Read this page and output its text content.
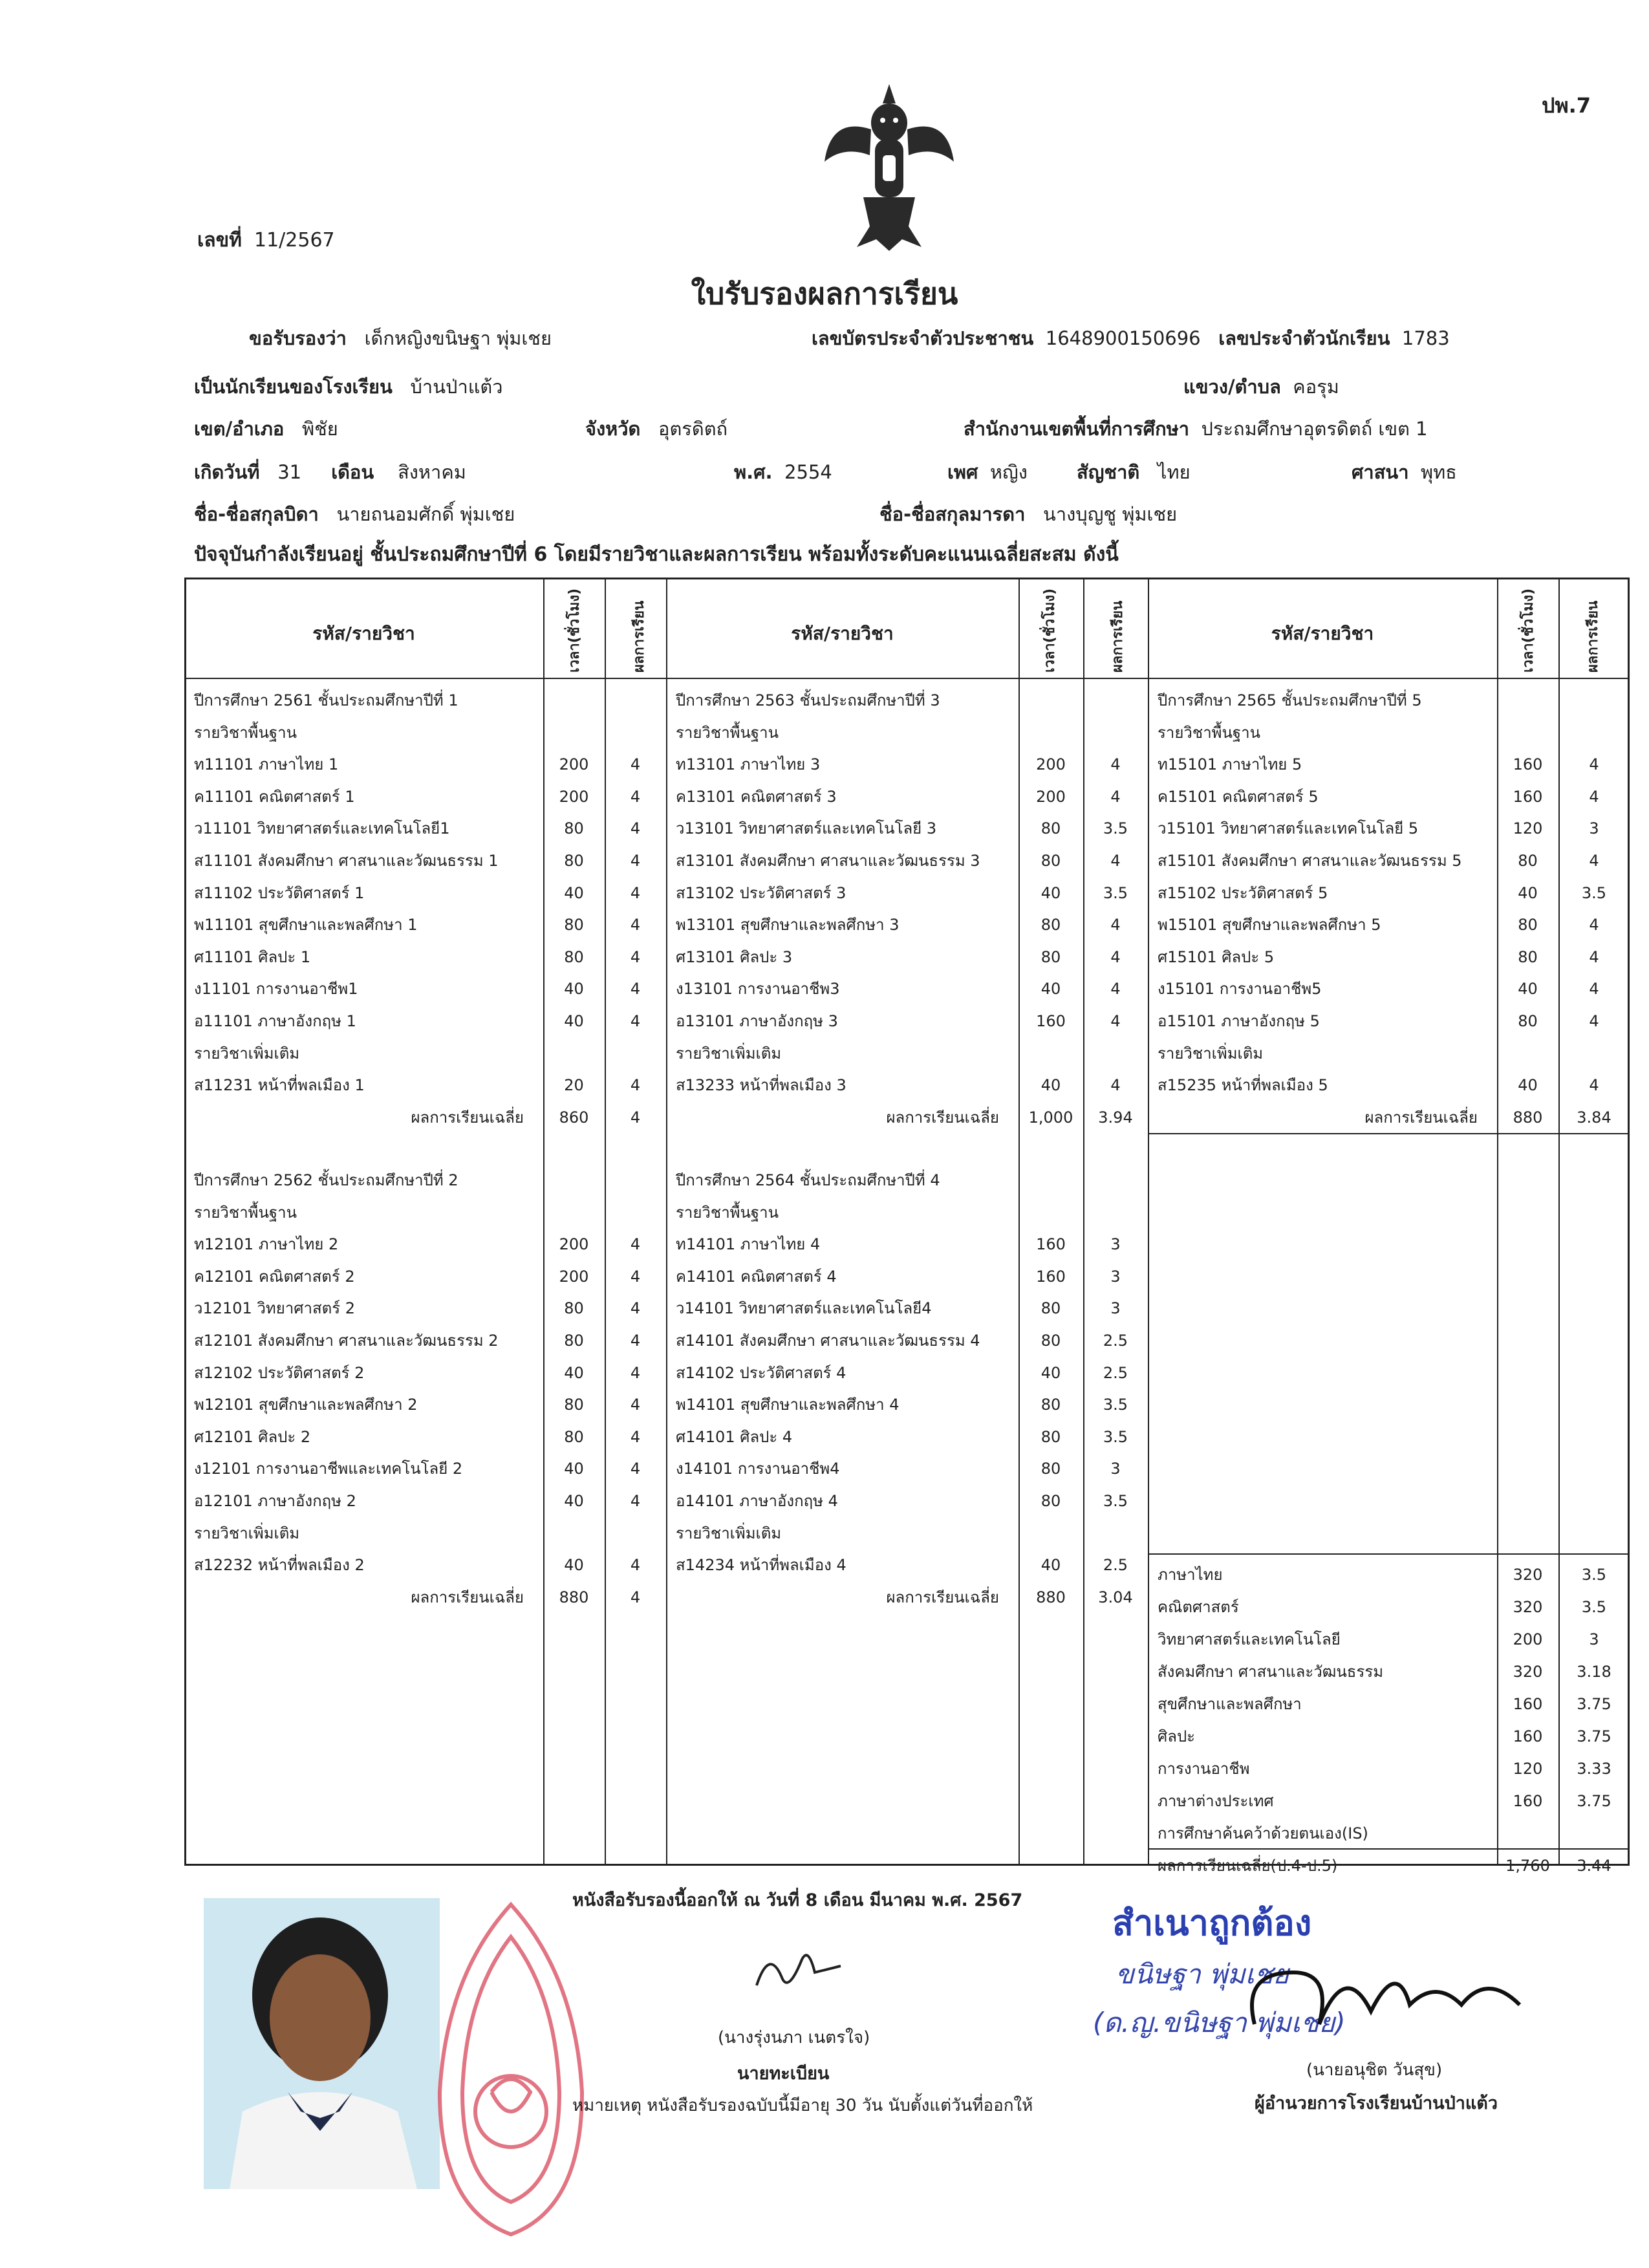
ปพ.7
เลขที่ 11/2567
ใบรับรองผลการเรียน
ขอรับรองว่า เด็กหญิงขนิษฐา พุ่มเชย	เลขบัตรประจำตัวประชาชน 1648900150696 เลขประจำตัวนักเรียน 1783
เป็นนักเรียนของโรงเรียน บ้านป่าแต้ว	แขวง/ตำบล คอรุม
เขต/อำเภอ พิชัย	จังหวัด อุตรดิตถ์	สำนักงานเขตพื้นที่การศึกษา ประถมศึกษาอุตรดิตถ์ เขต 1
เกิดวันที่ 31 เดือน สิงหาคม	พ.ศ. 2554	เพศ หญิง	สัญชาติ ไทย	ศาสนา พุทธ
ชื่อ-ชื่อสกุลบิดา นายถนอมศักดิ์ พุ่มเชย	ชื่อ-ชื่อสกุลมารดา นางบุญชู พุ่มเชย
ปัจจุบันกำลังเรียนอยู่ ชั้นประถมศึกษาปีที่ 6 โดยมีรายวิชาและผลการเรียน พร้อมทั้งระดับคะแนนเฉลี่ยสะสม ดังนี้
รหัส/รายวิชา	เวลา(ชั่วโมง)	ผลการเรียน	รหัส/รายวิชา	เวลา(ชั่วโมง)	ผลการเรียน	รหัส/รายวิชา	เวลา(ชั่วโมง)	ผลการเรียน
ปีการศึกษา 2561 ชั้นประถมศึกษาปีที่ 1
รายวิชาพื้นฐาน
ท11101 ภาษาไทย 1	200	4
ค11101 คณิตศาสตร์ 1	200	4
ว11101 วิทยาศาสตร์และเทคโนโลยี1	80	4
ส11101 สังคมศึกษา ศาสนาและวัฒนธรรม 1	80	4
ส11102 ประวัติศาสตร์ 1	40	4
พ11101 สุขศึกษาและพลศึกษา 1	80	4
ศ11101 ศิลปะ 1	80	4
ง11101 การงานอาชีพ1	40	4
อ11101 ภาษาอังกฤษ 1	40	4
รายวิชาเพิ่มเติม
ส11231 หน้าที่พลเมือง 1	20	4
ผลการเรียนเฉลี่ย	860	4
ปีการศึกษา 2562 ชั้นประถมศึกษาปีที่ 2
รายวิชาพื้นฐาน
ท12101 ภาษาไทย 2	200	4
ค12101 คณิตศาสตร์ 2	200	4
ว12101 วิทยาศาสตร์ 2	80	4
ส12101 สังคมศึกษา ศาสนาและวัฒนธรรม 2	80	4
ส12102 ประวัติศาสตร์ 2	40	4
พ12101 สุขศึกษาและพลศึกษา 2	80	4
ศ12101 ศิลปะ 2	80	4
ง12101 การงานอาชีพและเทคโนโลยี 2	40	4
อ12101 ภาษาอังกฤษ 2	40	4
รายวิชาเพิ่มเติม
ส12232 หน้าที่พลเมือง 2	40	4
ผลการเรียนเฉลี่ย	880	4
ปีการศึกษา 2563 ชั้นประถมศึกษาปีที่ 3
รายวิชาพื้นฐาน
ท13101 ภาษาไทย 3	200	4
ค13101 คณิตศาสตร์ 3	200	4
ว13101 วิทยาศาสตร์และเทคโนโลยี 3	80	3.5
ส13101 สังคมศึกษา ศาสนาและวัฒนธรรม 3	80	4
ส13102 ประวัติศาสตร์ 3	40	3.5
พ13101 สุขศึกษาและพลศึกษา 3	80	4
ศ13101 ศิลปะ 3	80	4
ง13101 การงานอาชีพ3	40	4
อ13101 ภาษาอังกฤษ 3	160	4
รายวิชาเพิ่มเติม
ส13233 หน้าที่พลเมือง 3	40	4
ผลการเรียนเฉลี่ย	1,000	3.94
ปีการศึกษา 2564 ชั้นประถมศึกษาปีที่ 4
รายวิชาพื้นฐาน
ท14101 ภาษาไทย 4	160	3
ค14101 คณิตศาสตร์ 4	160	3
ว14101 วิทยาศาสตร์และเทคโนโลยี4	80	3
ส14101 สังคมศึกษา ศาสนาและวัฒนธรรม 4	80	2.5
ส14102 ประวัติศาสตร์ 4	40	2.5
พ14101 สุขศึกษาและพลศึกษา 4	80	3.5
ศ14101 ศิลปะ 4	80	3.5
ง14101 การงานอาชีพ4	80	3
อ14101 ภาษาอังกฤษ 4	80	3.5
รายวิชาเพิ่มเติม
ส14234 หน้าที่พลเมือง 4	40	2.5
ผลการเรียนเฉลี่ย	880	3.04
ปีการศึกษา 2565 ชั้นประถมศึกษาปีที่ 5
รายวิชาพื้นฐาน
ท15101 ภาษาไทย 5	160	4
ค15101 คณิตศาสตร์ 5	160	4
ว15101 วิทยาศาสตร์และเทคโนโลยี 5	120	3
ส15101 สังคมศึกษา ศาสนาและวัฒนธรรม 5	80	4
ส15102 ประวัติศาสตร์ 5	40	3.5
พ15101 สุขศึกษาและพลศึกษา 5	80	4
ศ15101 ศิลปะ 5	80	4
ง15101 การงานอาชีพ5	40	4
อ15101 ภาษาอังกฤษ 5	80	4
รายวิชาเพิ่มเติม
ส15235 หน้าที่พลเมือง 5	40	4
ผลการเรียนเฉลี่ย	880	3.84
ภาษาไทย	320	3.5
คณิตศาสตร์	320	3.5
วิทยาศาสตร์และเทคโนโลยี	200	3
สังคมศึกษา ศาสนาและวัฒนธรรม	320	3.18
สุขศึกษาและพลศึกษา	160	3.75
ศิลปะ	160	3.75
การงานอาชีพ	120	3.33
ภาษาต่างประเทศ	160	3.75
การศึกษาค้นคว้าด้วยตนเอง(IS)
ผลการเรียนเฉลี่ย(ป.4-ป.5)	1,760	3.44
หนังสือรับรองนี้ออกให้ ณ วันที่ 8 เดือน มีนาคม พ.ศ. 2567
(นางรุ่งนภา เนตรใจ)
นายทะเบียน
หมายเหตุ หนังสือรับรองฉบับนี้มีอายุ 30 วัน นับตั้งแต่วันที่ออกให้
สำเนาถูกต้อง
ขนิษฐา พุ่มเชย
(ด.ญ.ขนิษฐา พุ่มเชย)
(นายอนุชิต วันสุข)
ผู้อำนวยการโรงเรียนบ้านป่าแต้ว
